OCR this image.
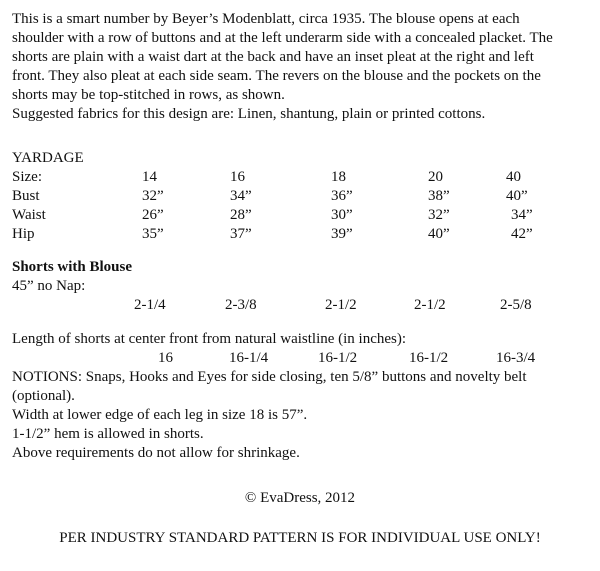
This is a smart number by Beyer’s Modenblatt, circa 1935. The blouse opens at each
shoulder with a row of buttons and at the left underarm side with a concealed placket. The
shorts are plain with a waist dart at the back and have an inset pleat at the right and left
front. They also pleat at each side seam. The revers on the blouse and the pockets on the
shorts may be top-stitched in rows, as shown.
Suggested fabrics for this design are: Linen, shantung, plain or printed cottons.
YARDAGE
Size:	14	16	18	20	40
Bust	32”	34”	36”	38”	40”
Waist	26”	28”	30”	32”	34”
Hip	35”	37”	39”	40”	42”
Shorts with Blouse
45” no Nap:
2-1/4	2-3/8	2-1/2	2-1/2	2-5/8
Length of shorts at center front from natural waistline (in inches):
16	16-1/4	16-1/2	16-1/2	16-3/4
NOTIONS: Snaps, Hooks and Eyes for side closing, ten 5/8” buttons and novelty belt
(optional).
Width at lower edge of each leg in size 18 is 57”.
1-1/2” hem is allowed in shorts.
Above requirements do not allow for shrinkage.
© EvaDress, 2012
PER INDUSTRY STANDARD PATTERN IS FOR INDIVIDUAL USE ONLY!
